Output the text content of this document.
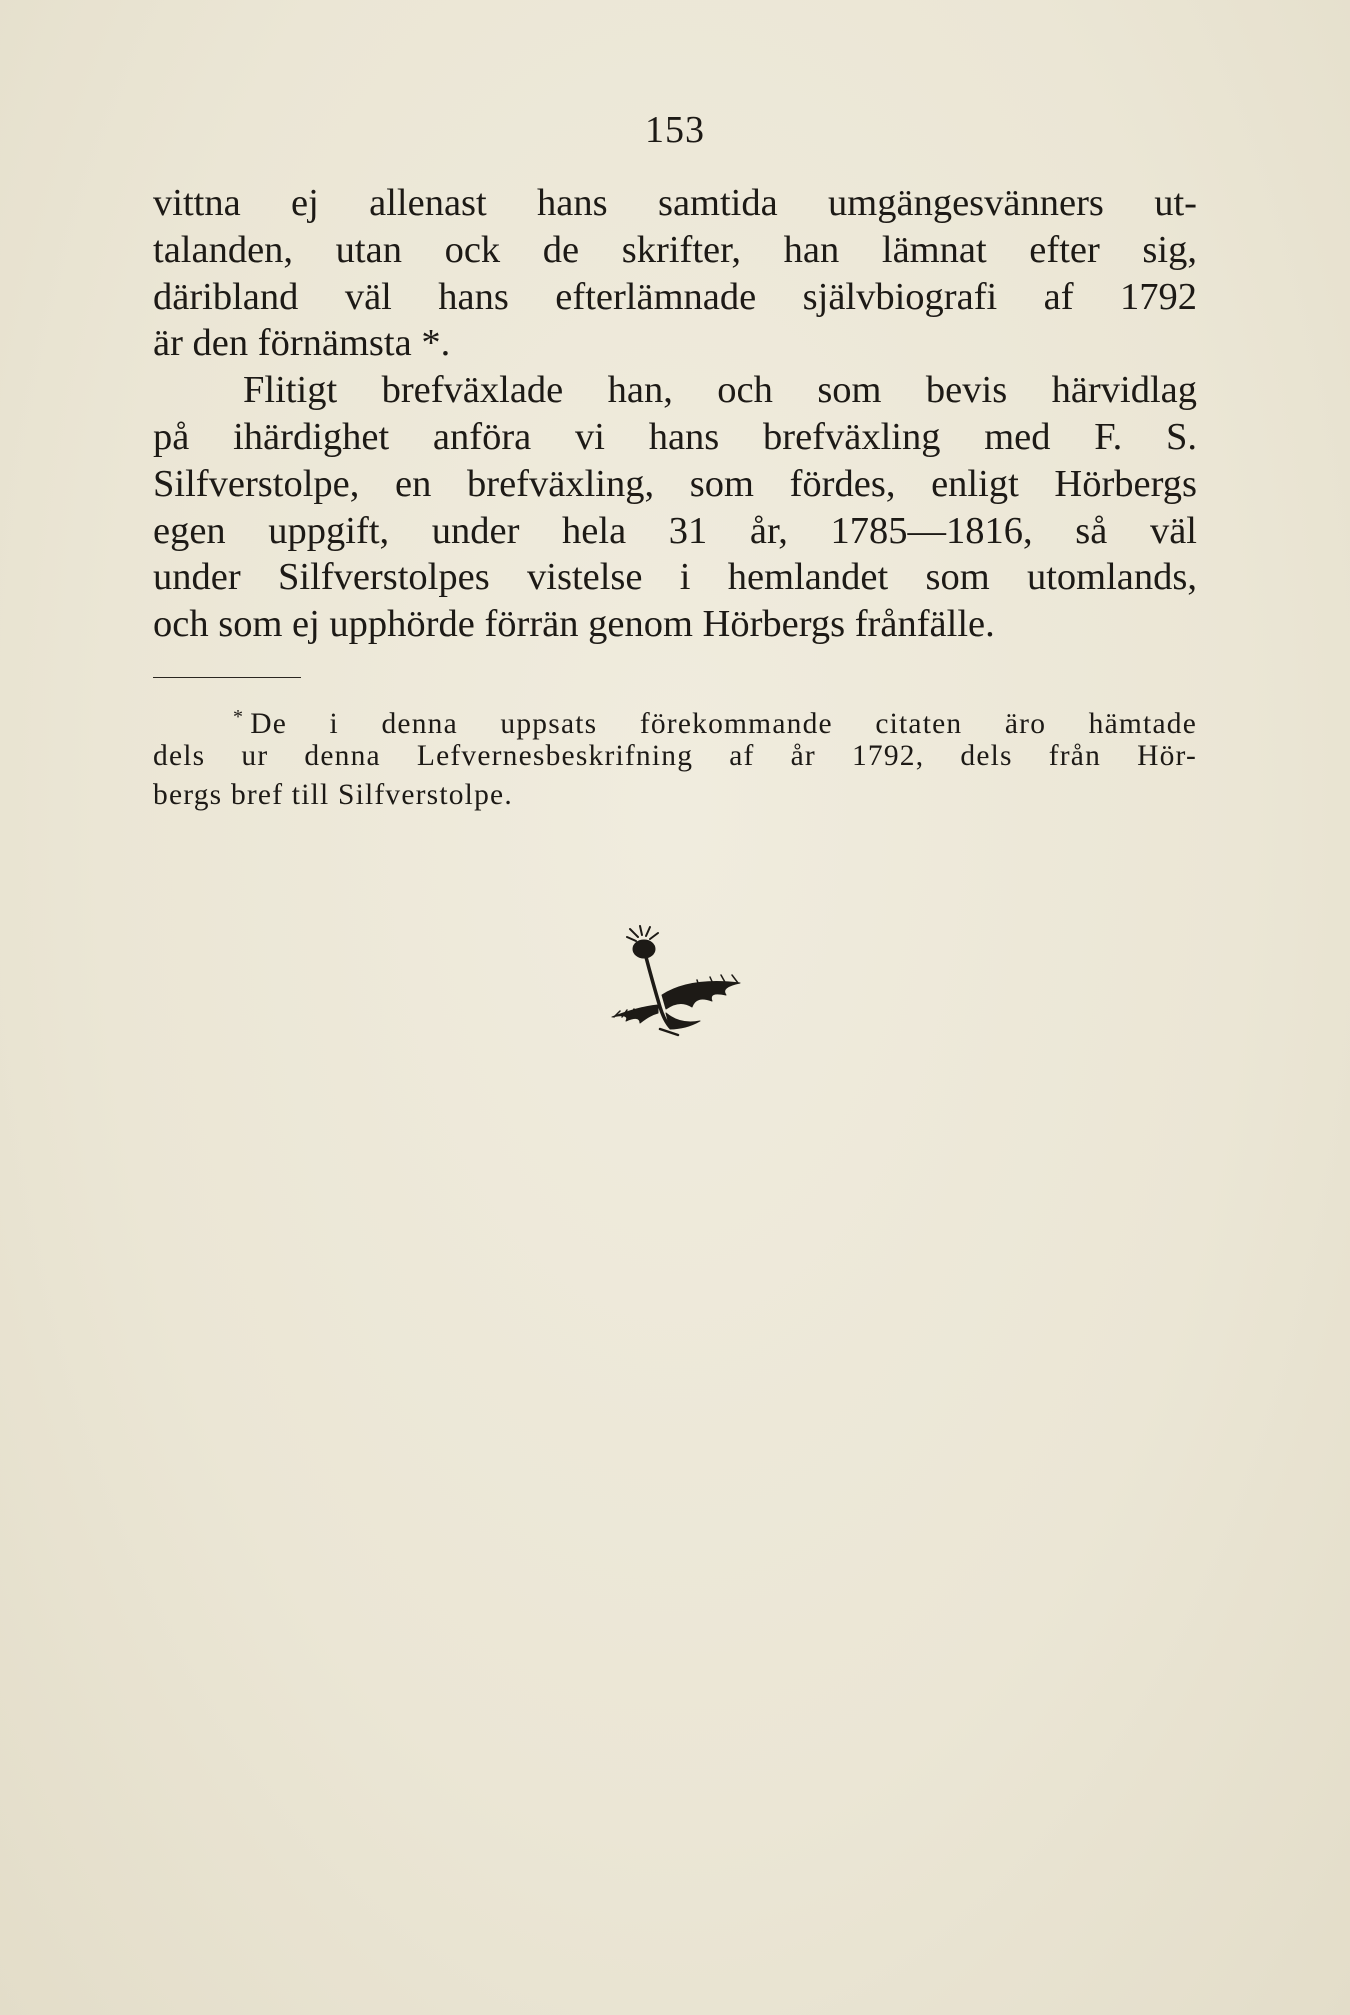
153
vittna ej allenast hans samtida umgängesvänners ut-
talanden, utan ock de skrifter, han lämnat efter sig,
däribland väl hans efterlämnade självbiografi af 1792
är den förnämsta *.
Flitigt brefväxlade han, och som bevis härvidlag
på ihärdighet anföra vi hans brefväxling med F. S.
Silfverstolpe, en brefväxling, som fördes, enligt Hörbergs
egen uppgift, under hela 31 år, 1785—1816, så väl
under Silfverstolpes vistelse i hemlandet som utomlands,
och som ej upphörde förrän genom Hörbergs frånfälle.
* De i denna uppsats förekommande citaten äro hämtade
dels ur denna Lefvernesbeskrifning af år 1792, dels från Hör-
bergs bref till Silfverstolpe.
